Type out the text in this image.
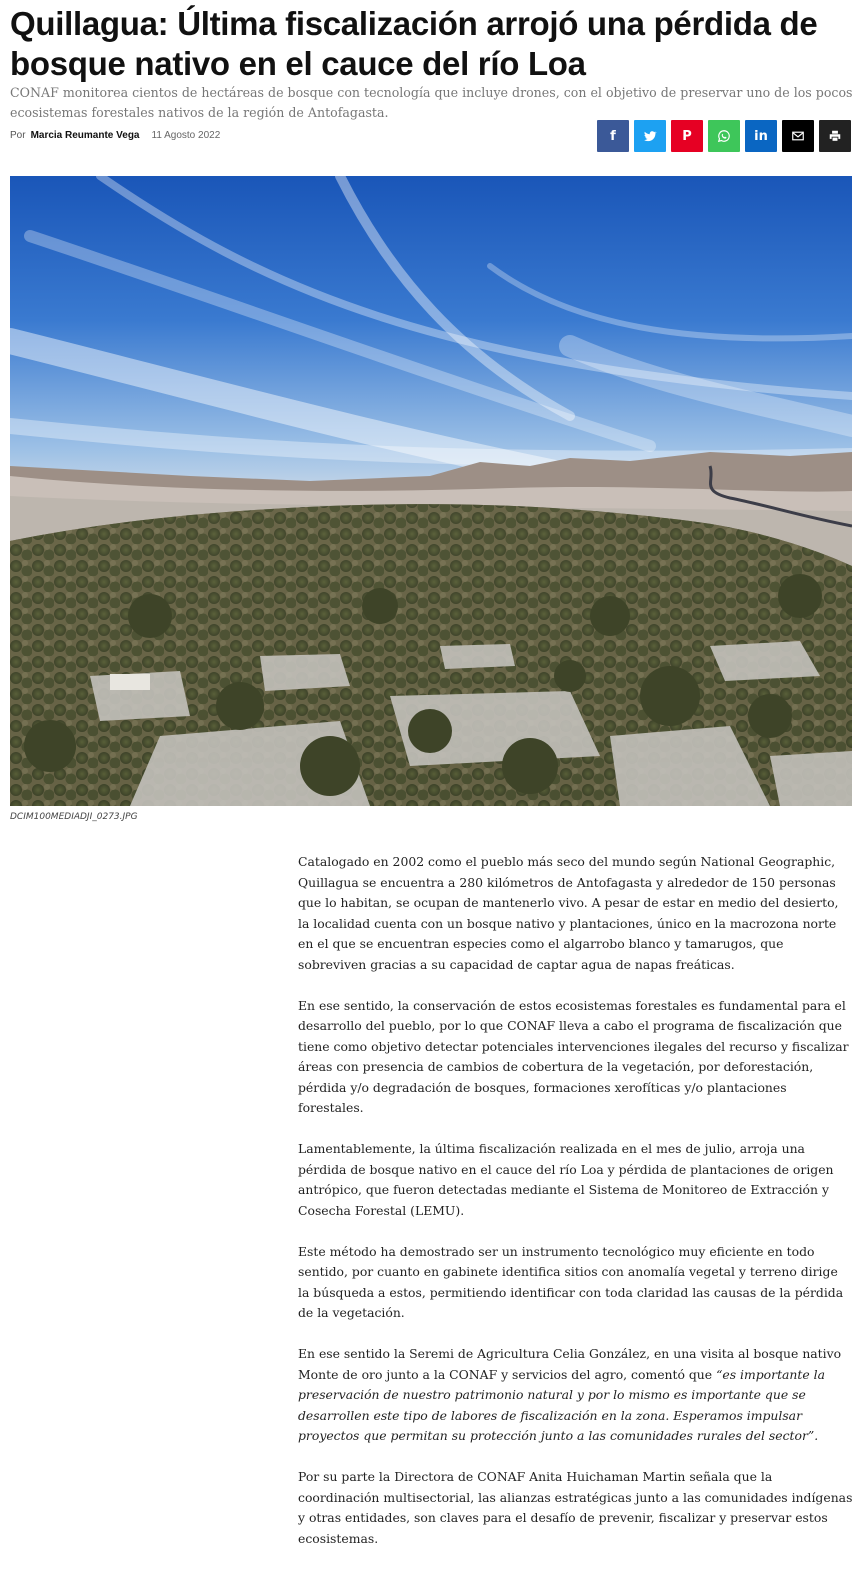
Quillagua: Última fiscalización arrojó una pérdida de bosque nativo en el cauce del río Loa

CONAF monitorea cientos de hectáreas de bosque con tecnología que incluye drones, con el objetivo de preservar uno de los pocos ecosistemas forestales nativos de la región de Antofagasta.

Por Marcia Reumante Vega 11 Agosto 2022	f	P	in
DCIM100MEDIADJI_0273.JPG

Catalogado en 2002 como el pueblo más seco del mundo según National Geographic, Quillagua se encuentra a 280 kilómetros de Antofagasta y alrededor de 150 personas que lo habitan, se ocupan de mantenerlo vivo. A pesar de estar en medio del desierto, la localidad cuenta con un bosque nativo y plantaciones, único en la macrozona norte en el que se encuentran especies como el algarrobo blanco y tamarugos, que sobreviven gracias a su capacidad de captar agua de napas freáticas.

En ese sentido, la conservación de estos ecosistemas forestales es fundamental para el desarrollo del pueblo, por lo que CONAF lleva a cabo el programa de fiscalización que tiene como objetivo detectar potenciales intervenciones ilegales del recurso y fiscalizar áreas con presencia de cambios de cobertura de la vegetación, por deforestación, pérdida y/o degradación de bosques, formaciones xerofíticas y/o plantaciones forestales.

Lamentablemente, la última fiscalización realizada en el mes de julio, arroja una pérdida de bosque nativo en el cauce del río Loa y pérdida de plantaciones de origen antrópico, que fueron detectadas mediante el Sistema de Monitoreo de Extracción y Cosecha Forestal (LEMU).

Este método ha demostrado ser un instrumento tecnológico muy eficiente en todo sentido, por cuanto en gabinete identifica sitios con anomalía vegetal y terreno dirige la búsqueda a estos, permitiendo identificar con toda claridad las causas de la pérdida de la vegetación.

En ese sentido la Seremi de Agricultura Celia González, en una visita al bosque nativo Monte de oro junto a la CONAF y servicios del agro, comentó que “es importante la preservación de nuestro patrimonio natural y por lo mismo es importante que se desarrollen este tipo de labores de fiscalización en la zona. Esperamos impulsar proyectos que permitan su protección junto a las comunidades rurales del sector”.

Por su parte la Directora de CONAF Anita Huichaman Martin señala que la coordinación multisectorial, las alianzas estratégicas junto a las comunidades indígenas y otras entidades, son claves para el desafío de prevenir, fiscalizar y preservar estos ecosistemas.
